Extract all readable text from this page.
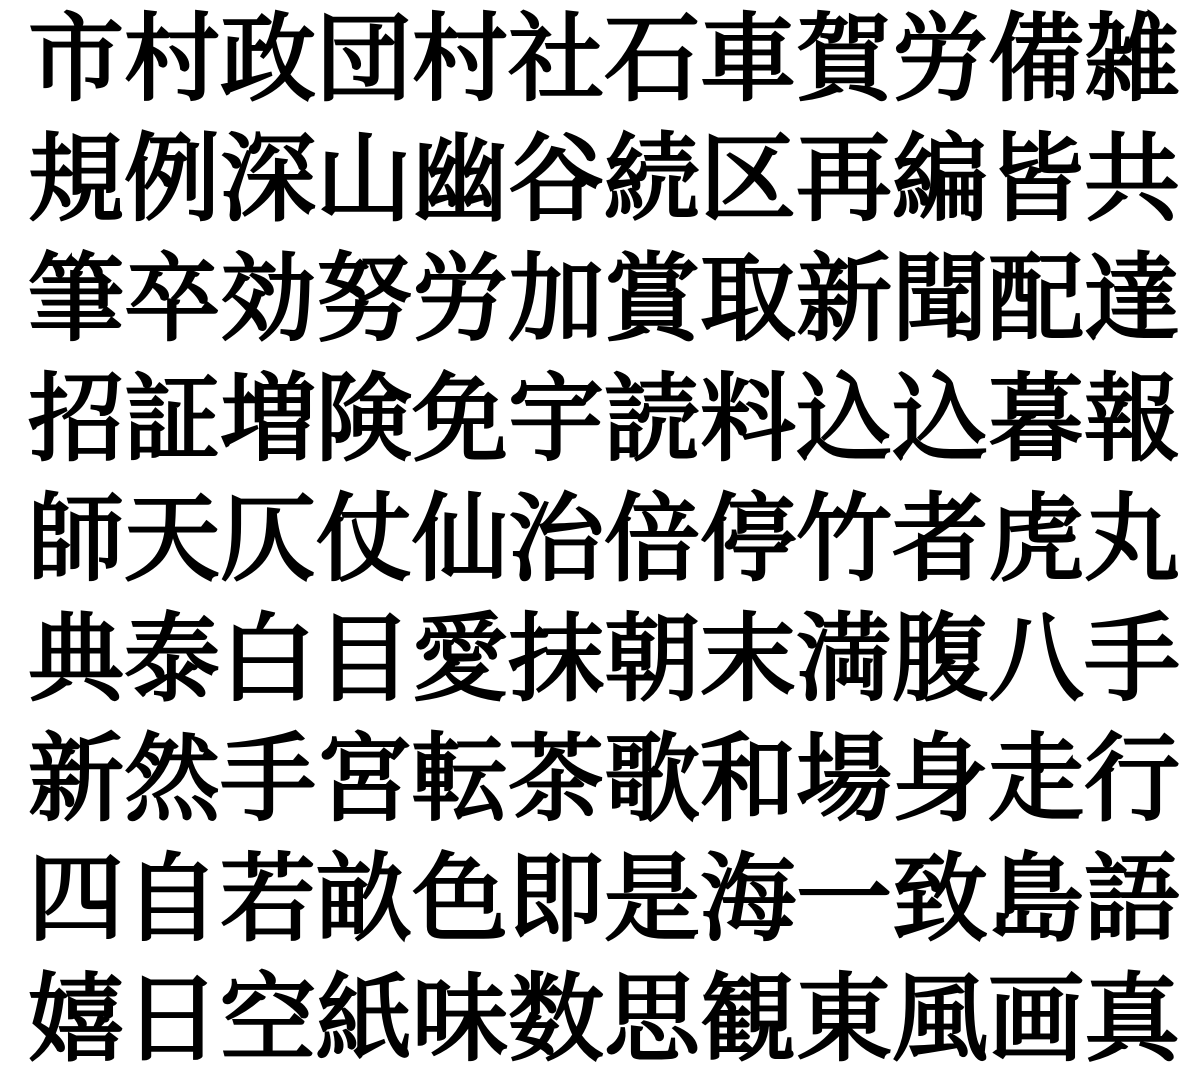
市 村 政 団 村 社 石 車 賀 労 備 雑
規 例 深 山 幽 谷 続 区 再 編 皆 共
筆 卒 効 努 労 加 賞 取 新 聞 配 達
招 証 増 険 免 宇 読 料 込 込 暮 報
師 天 仄 仗 仙 治 倍 停 竹 者 虎 丸
典 泰 白 目 愛 抹 朝 末 満 腹 八 手
新 然 手 宮 転 茶 歌 和 場 身 走 行
四 自 若 畝 色 即 是 海 一 致 島 語
嬉 日 空 紙 味 数 思 観 東 風 画 真
